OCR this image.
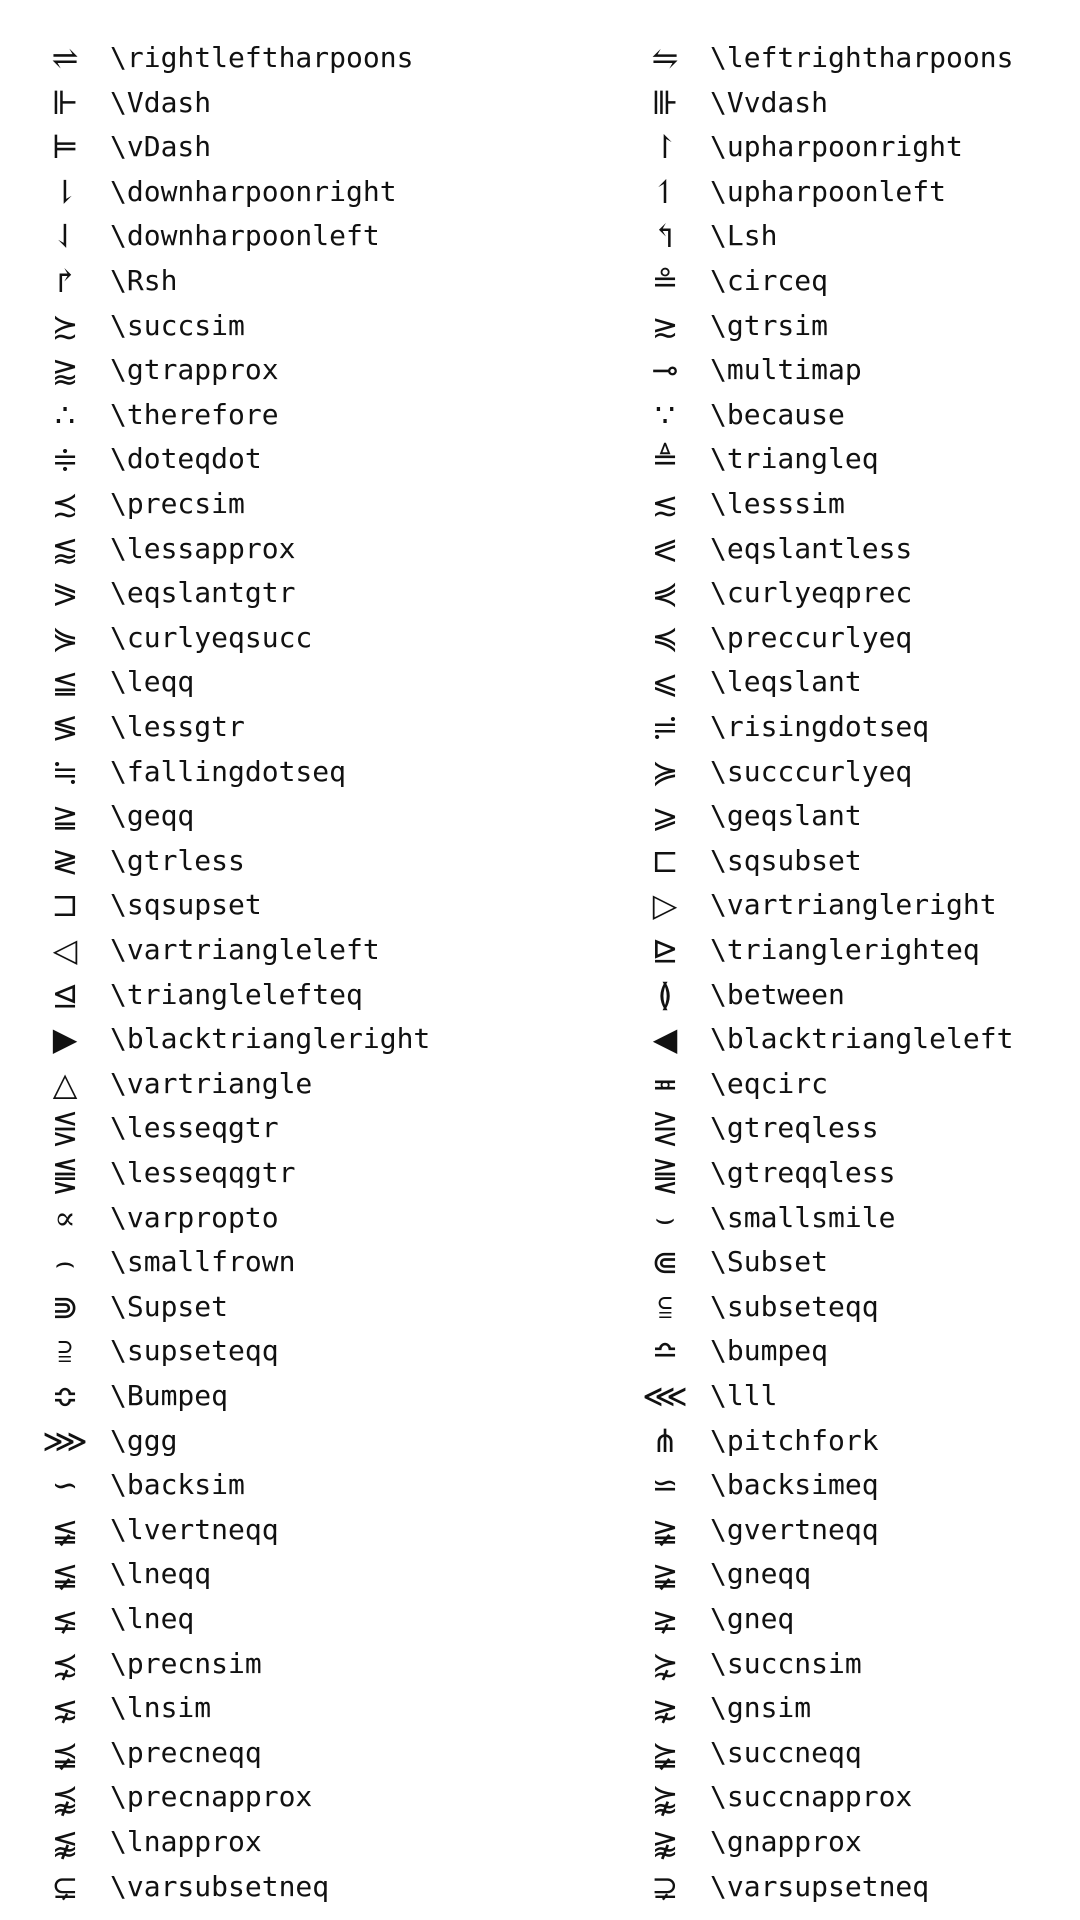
⇌	\rightleftharpoons	⇋	\leftrightharpoons
⊩	\Vdash	⊪	\Vvdash
⊨	\vDash	↾	\upharpoonright
⇂	\downharpoonright	↿	\upharpoonleft
⇃	\downharpoonleft	↰	\Lsh
↱	\Rsh	≗	\circeq
≿	\succsim	≳	\gtrsim
⪆	\gtrapprox	⊸	\multimap
∴	\therefore	∵	\because
≑	\doteqdot	≜	\triangleq
≾	\precsim	≲	\lesssim
⪅	\lessapprox	⪕	\eqslantless
⪖	\eqslantgtr	⋞	\curlyeqprec
⋟	\curlyeqsucc	≼	\preccurlyeq
≦	\leqq	⩽	\leqslant
≶	\lessgtr	≓	\risingdotseq
≒	\fallingdotseq	≽	\succcurlyeq
≧	\geqq	⩾	\geqslant
≷	\gtrless	⊏	\sqsubset
⊐	\sqsupset	▷	\vartriangleright
◁	\vartriangleleft	⊵	\trianglerighteq
⊴	\trianglelefteq	≬	\between
▶	\blacktriangleright	◀	\blacktriangleleft
△	\vartriangle	≖	\eqcirc
⋚	\lesseqgtr	⋛	\gtreqless
⪋	\lesseqqgtr	⪌	\gtreqqless
∝	\varpropto	⌣	\smallsmile
⌢	\smallfrown	⋐	\Subset
⋑	\Supset	⫅	\subseteqq
⫆	\supseteqq	≏	\bumpeq
≎	\Bumpeq	⋘ \lll
⋙ \ggg	⋔	\pitchfork
∽	\backsim	⋍	\backsimeq
≨	\lvertneqq	≩	\gvertneqq
≨	\lneqq	≩	\gneqq
⪇	\lneq	⪈	\gneq
⋨	\precnsim	⋩	\succnsim
⋦	\lnsim	⋧	\gnsim
⪵	\precneqq	⪶	\succneqq
⪹	\precnapprox	⪺	\succnapprox
⪉	\lnapprox	⪊	\gnapprox
⊊	\varsubsetneq	⊋	\varsupsetneq
